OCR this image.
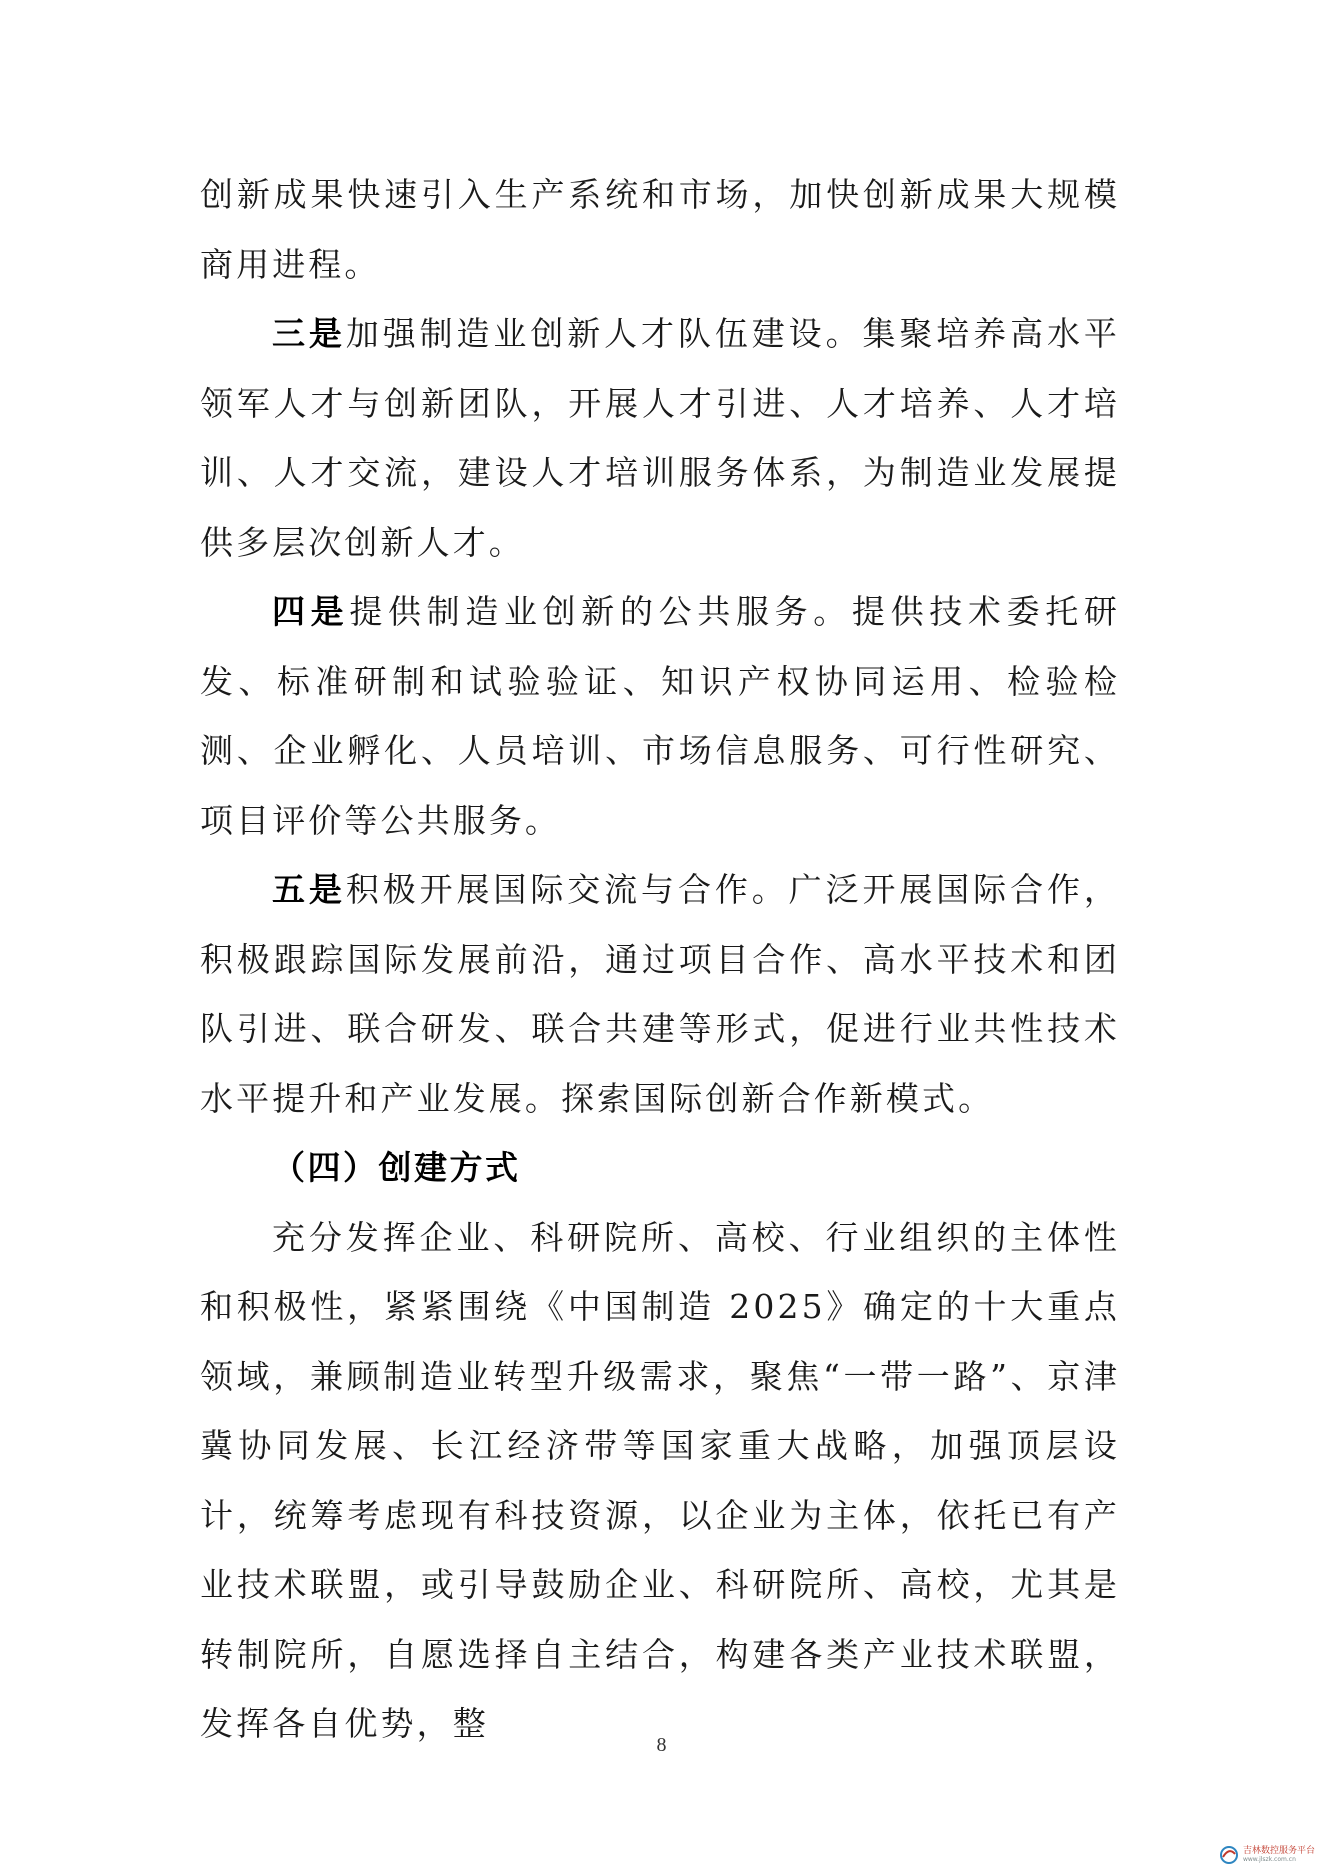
创新成果快速引入生产系统和市场，加快创新成果大规模商用进程。

三是加强制造业创新人才队伍建设。集聚培养高水平领军人才与创新团队，开展人才引进、人才培养、人才培训、人才交流，建设人才培训服务体系，为制造业发展提供多层次创新人才。

四是提供制造业创新的公共服务。提供技术委托研发、标准研制和试验验证、知识产权协同运用、检验检测、企业孵化、人员培训、市场信息服务、可行性研究、项目评价等公共服务。

五是积极开展国际交流与合作。广泛开展国际合作，积极跟踪国际发展前沿，通过项目合作、高水平技术和团队引进、联合研发、联合共建等形式，促进行业共性技术水平提升和产业发展。探索国际创新合作新模式。

（四）创建方式

充分发挥企业、科研院所、高校、行业组织的主体性和积极性，紧紧围绕《中国制造 2025》确定的十大重点领域，兼顾制造业转型升级需求，聚焦“一带一路”、京津冀协同发展、长江经济带等国家重大战略，加强顶层设计，统筹考虑现有科技资源，以企业为主体，依托已有产业技术联盟，或引导鼓励企业、科研院所、高校，尤其是转制院所，自愿选择自主结合，构建各类产业技术联盟，发挥各自优势，整

8
吉林数控服务平台
www.jlszk.com.cn
